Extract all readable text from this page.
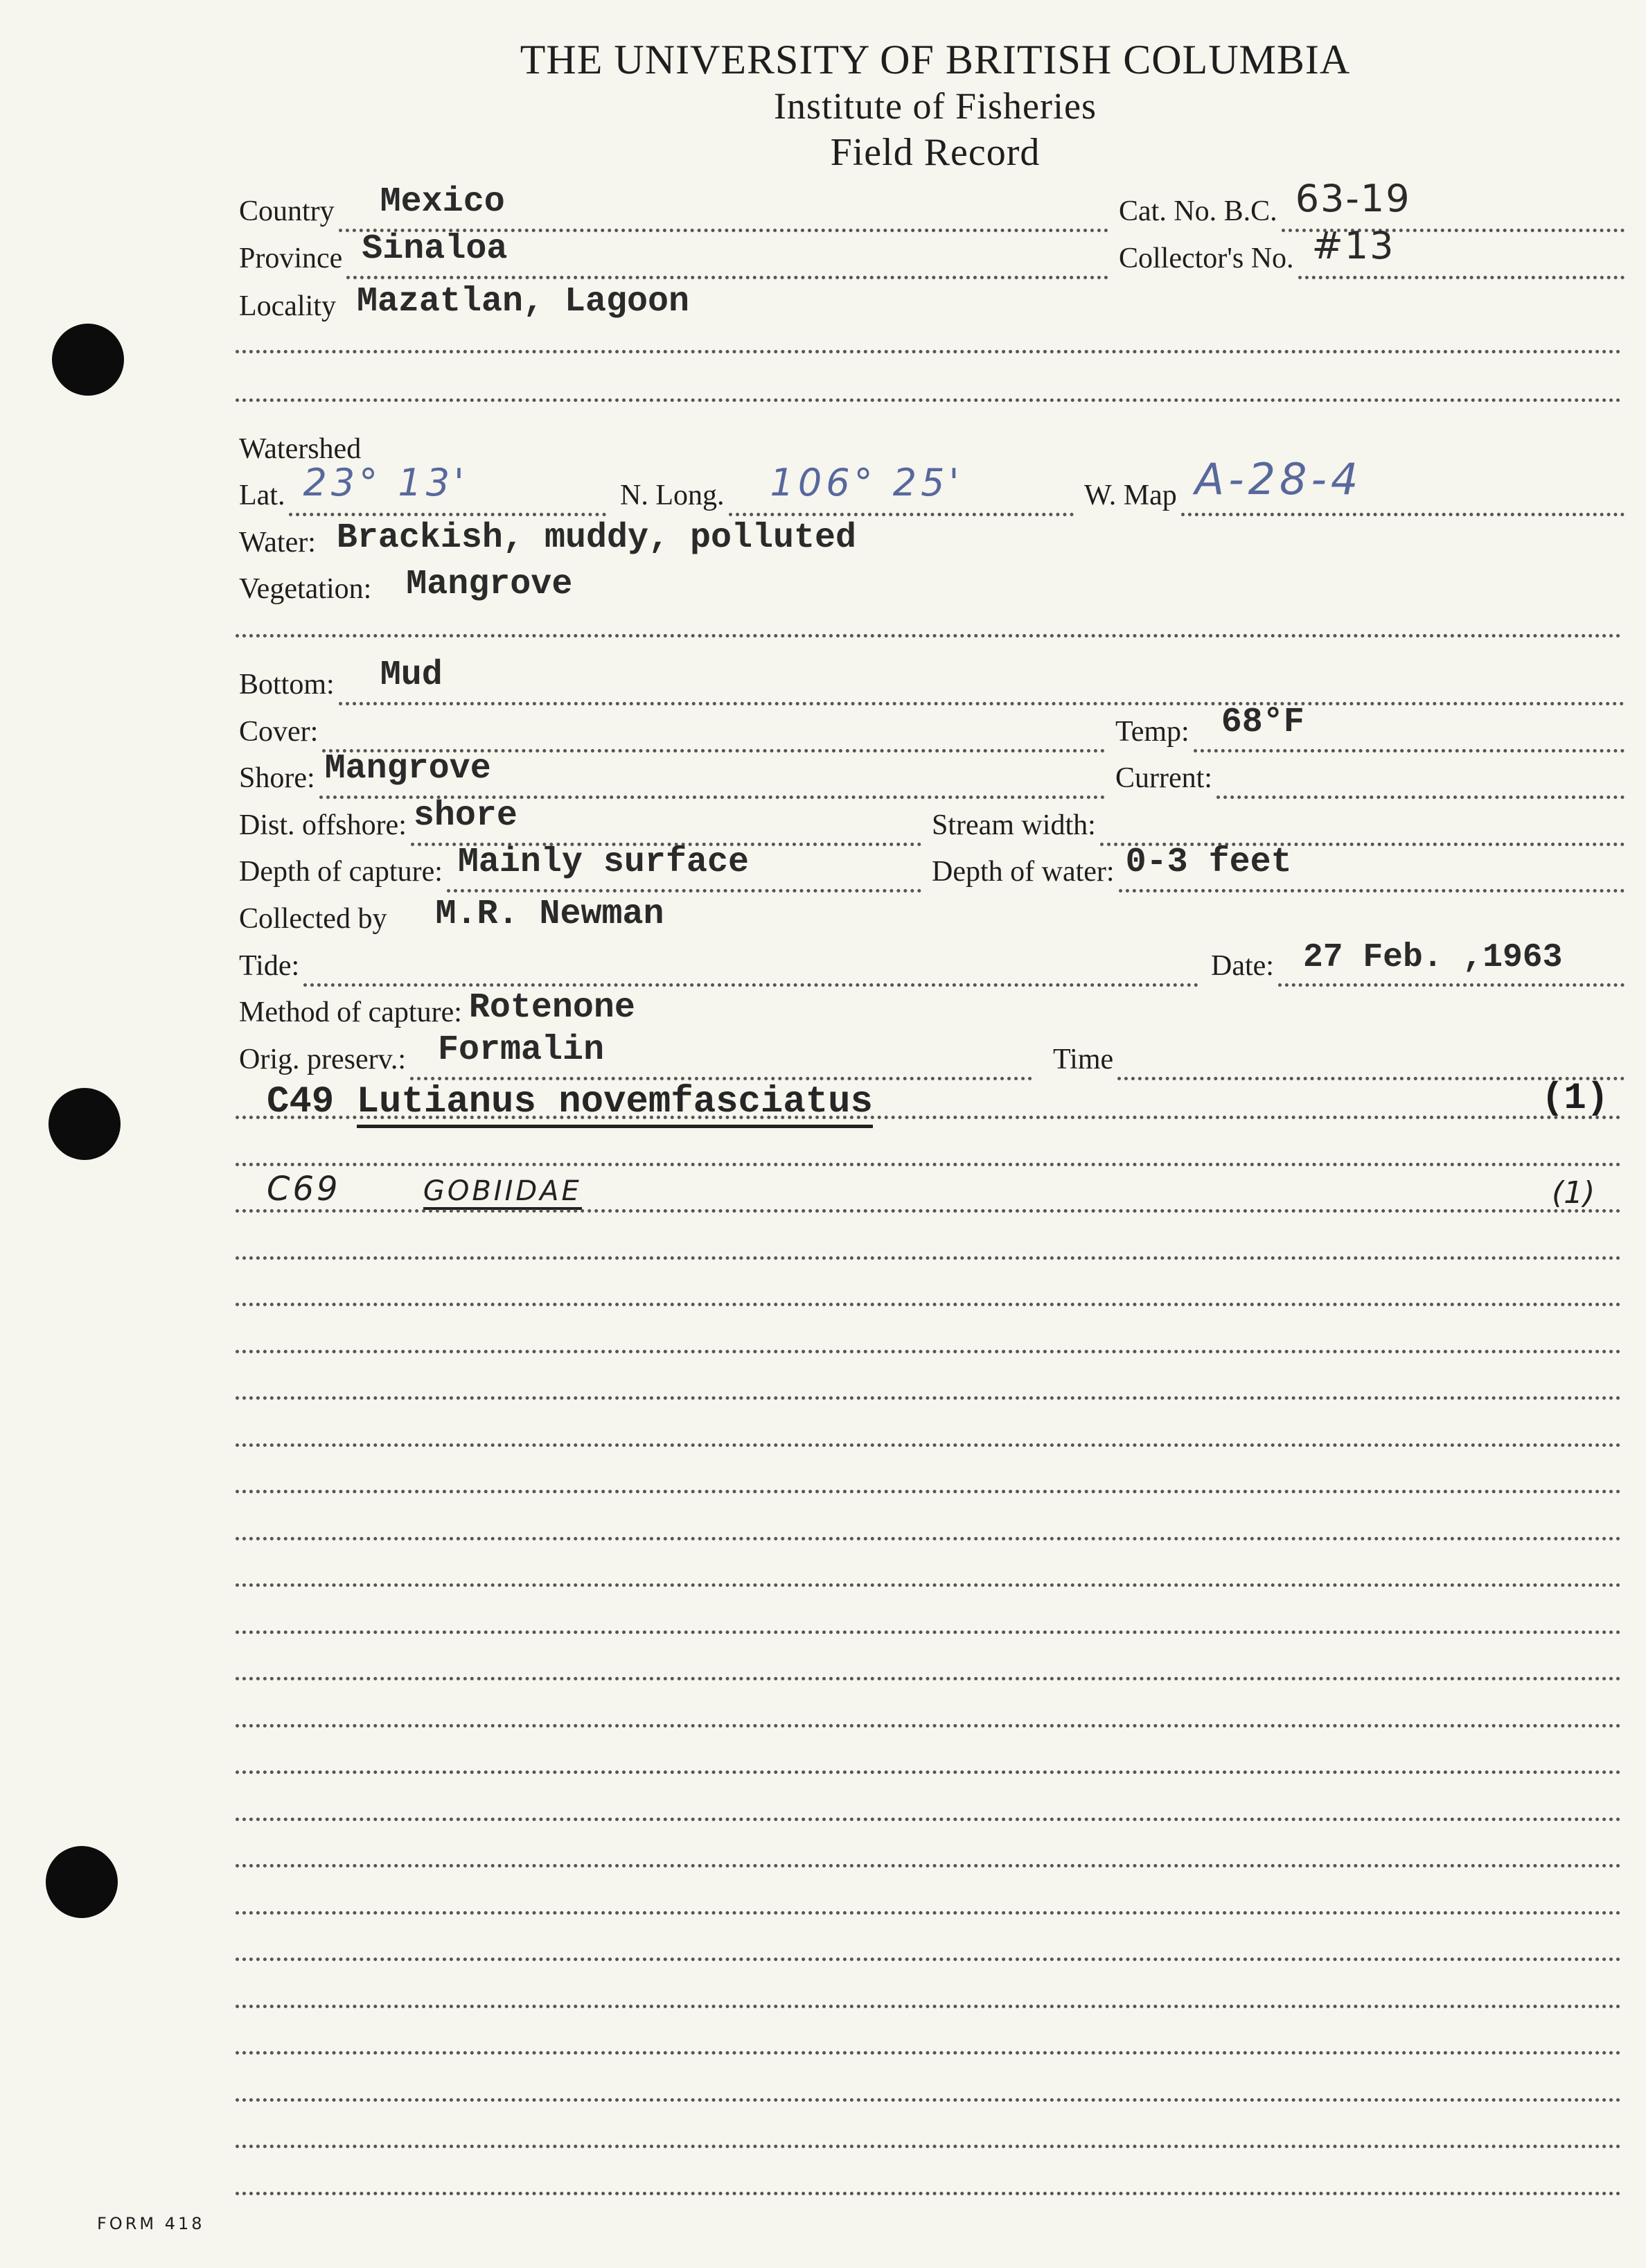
THE UNIVERSITY OF BRITISH COLUMBIA
Institute of Fisheries
Field Record
Country Mexico	Cat. No. B.C. 63-19
Province Sinaloa	Collector's No. #13
Locality Mazatlan, Lagoon
Watershed
Lat. 23° 13'	N. Long. 106° 25'	W. Map A-28-4
Water: Brackish, muddy, polluted
Vegetation: Mangrove
Bottom: Mud
Cover:	Temp: 68°F
Shore: Mangrove	Current:
Dist. offshore: shore	Stream width:
Depth of capture: Mainly surface	Depth of water: 0-3 feet
Collected by M.R. Newman
Tide:	Date: 27 Feb. ,1963
Method of capture: Rotenone
Orig. preserv.: Formalin	Time
C49 Lutianus novemfasciatus	(1)
C69	GOBIIDAE	(1)
FORM 418
